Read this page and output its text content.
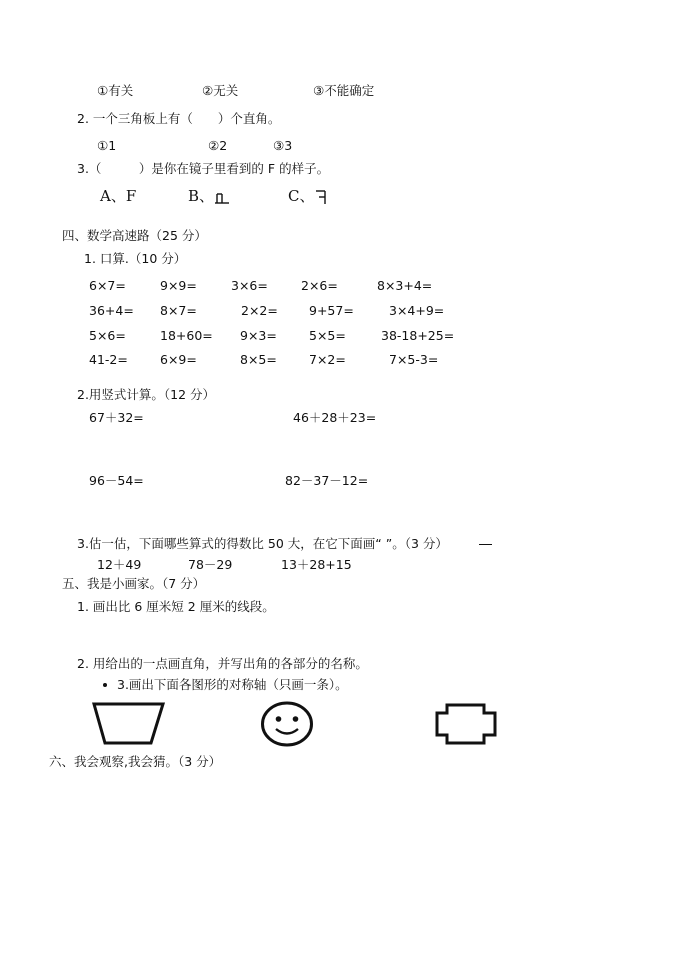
①有关	②无关	③不能确定
2. 一个三角板上有（　　）个直角。
①1	②2	③3
3.（　　　）是你在镜子里看到的 F 的样子。
A、F	B、	C、
四、数学高速路（25 分）
1. 口算.（10 分）
6×7=	9×9=	3×6=	2×6=	8×3+4=
36+4= 8×7=	2×2= 9+57=	3×4+9=
5×6=	18+60= 9×3=	5×5=	38-18+25=
41-2=	6×9=	8×5=	7×2=	7×5-3=
2.用竖式计算。（12 分）
67＋32=	46＋28＋23=
96－54=	82－37－12=
3.估一估，下面哪些算式的得数比 50 大，在它下面画“ ”。（3 分）
12＋49	78－29	13＋28+15
五、我是小画家。（7 分）
1. 画出比 6 厘米短 2 厘米的线段。
2. 用给出的一点画直角，并写出角的各部分的名称。
3.画出下面各图形的对称轴（只画一条）。
六、我会观察,我会猜。（3 分）
